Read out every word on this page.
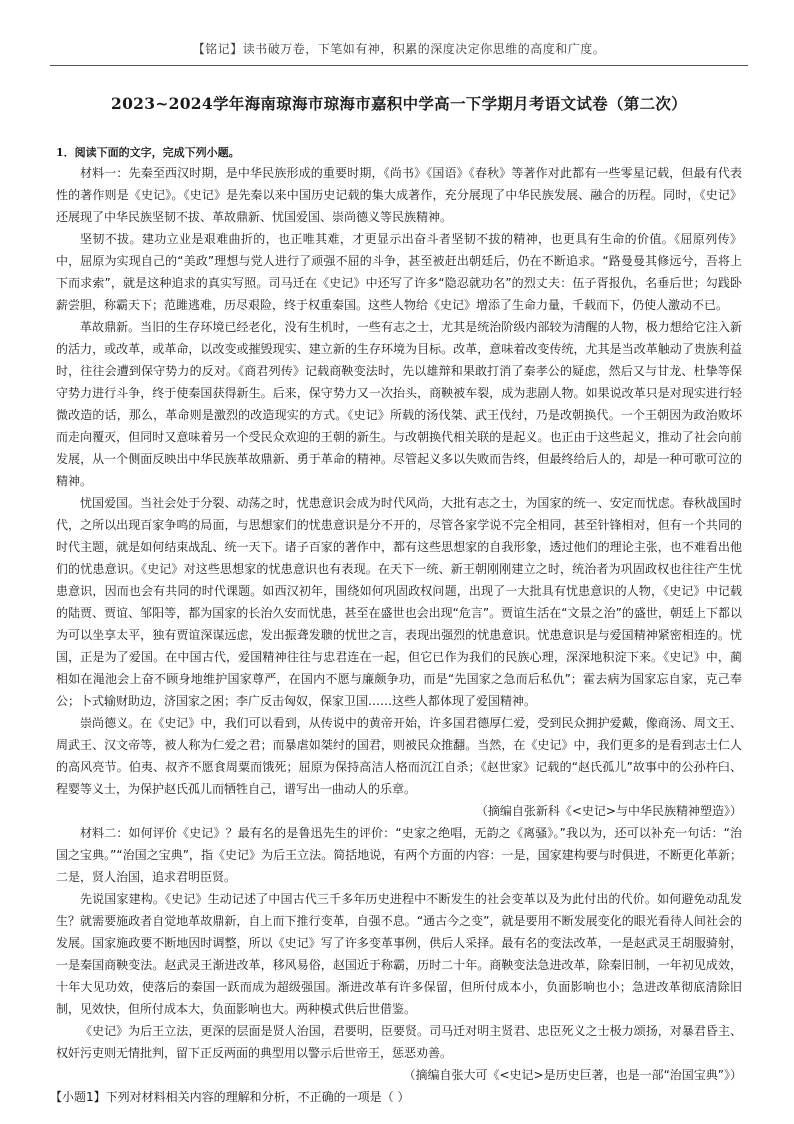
【铭记】读书破万卷，下笔如有神，积累的深度决定你思维的高度和广度。
2023~2024学年海南琼海市琼海市嘉积中学高一下学期月考语文试卷（第二次）
1．阅读下面的文字，完成下列小题。

材料一：先秦至西汉时期，是中华民族形成的重要时期，《尚书》《国语》《春秋》等著作对此都有一些零星记载，但最有代表性的著作则是《史记》。《史记》是先秦以来中国历史记载的集大成著作，充分展现了中华民族发展、融合的历程。同时，《史记》还展现了中华民族坚韧不拔、革故鼎新、忧国爱国、崇尚德义等民族精神。

坚韧不拔。建功立业是艰难曲折的，也正唯其难，才更显示出奋斗者坚韧不拔的精神，也更具有生命的价值。《屈原列传》中，屈原为实现自己的“美政”理想与党人进行了顽强不屈的斗争，甚至被赶出朝廷后，仍在不断追求。“路曼曼其修远兮，吾将上下而求索”，就是这种追求的真实写照。司马迁在《史记》中还写了许多“隐忍就功名”的烈丈夫：伍子胥报仇，名垂后世；勾践卧薪尝胆，称霸天下；范雎逃难，历尽艰险，终于权重秦国。这些人物给《史记》增添了生命力量，千载而下，仍使人激动不已。

革故鼎新。当旧的生存环境已经老化，没有生机时，一些有志之士，尤其是统治阶级内部较为清醒的人物，极力想给它注入新的活力，或改革，或革命，以改变或摧毁现实、建立新的生存环境为目标。改革，意味着改变传统，尤其是当改革触动了贵族利益时，往往会遭到保守势力的反对。《商君列传》记载商鞅变法时，先以雄辩和果敢打消了秦孝公的疑虑，然后又与甘龙、杜挚等保守势力进行斗争，终于使秦国获得新生。后来，保守势力又一次抬头，商鞅被车裂，成为悲剧人物。如果说改革只是对现实进行轻微改造的话，那么，革命则是激烈的改造现实的方式。《史记》所载的汤伐桀、武王伐纣，乃是改朝换代。一个王朝因为政治败坏而走向覆灭，但同时又意味着另一个受民众欢迎的王朝的新生。与改朝换代相关联的是起义。也正由于这些起义，推动了社会向前发展，从一个侧面反映出中华民族革故鼎新、勇于革命的精神。尽管起义多以失败而告终，但最终给后人的，却是一种可歌可泣的精神。

忧国爱国。当社会处于分裂、动荡之时，忧患意识会成为时代风尚，大批有志之士，为国家的统一、安定而忧虑。春秋战国时代，之所以出现百家争鸣的局面，与思想家们的忧患意识是分不开的，尽管各家学说不完全相同，甚至针锋相对，但有一个共同的时代主题，就是如何结束战乱、统一天下。诸子百家的著作中，都有这些思想家的自我形象，透过他们的理论主张，也不难看出他们的忧患意识。《史记》对这些思想家的忧患意识也有表现。在天下一统、新王朝刚刚建立之时，统治者为巩固政权也往往产生忧患意识，因而也会有共同的时代课题。如西汉初年，围绕如何巩固政权问题，出现了一大批具有忧患意识的人物，《史记》中记载的陆贾、贾谊、邹阳等，都为国家的长治久安而忧患，甚至在盛世也会出现“危言”。贾谊生活在“文景之治”的盛世，朝廷上下都以为可以坐享太平，独有贾谊深谋远虑，发出振聋发聩的忧世之言，表现出强烈的忧患意识。忧患意识是与爱国精神紧密相连的。忧国，正是为了爱国。在中国古代，爱国精神往往与忠君连在一起，但它已作为我们的民族心理，深深地积淀下来。《史记》中，蔺相如在渑池会上奋不顾身地维护国家尊严，在国内不愿与廉颇争功，而是“先国家之急而后私仇”；霍去病为国家忘自家，克己奉公；卜式输财助边，济国家之困；李广反击匈奴，保家卫国……这些人都体现了爱国精神。

崇尚德义。在《史记》中，我们可以看到，从传说中的黄帝开始，许多国君德厚仁爱，受到民众拥护爱戴，像商汤、周文王、周武王、汉文帝等，被人称为仁爱之君；而暴虐如桀纣的国君，则被民众推翻。当然，在《史记》中，我们更多的是看到志士仁人的高风亮节。伯夷、叔齐不愿食周粟而饿死；屈原为保持高洁人格而沉江自杀；《赵世家》记载的“赵氏孤儿”故事中的公孙杵臼、程婴等义士，为保护赵氏孤儿而牺牲自己，谱写出一曲动人的乐章。

（摘编自张新科《<史记>与中华民族精神塑造》）

材料二：如何评价《史记》？最有名的是鲁迅先生的评价：“史家之绝唱，无韵之《离骚》。”我以为，还可以补充一句话：“治国之宝典。”“治国之宝典”，指《史记》为后王立法。简括地说，有两个方面的内容：一是，国家建构要与时俱进，不断更化革新；二是，贤人治国，追求君明臣贤。

先说国家建构。《史记》生动记述了中国古代三千多年历史进程中不断发生的社会变革以及为此付出的代价。如何避免动乱发生？就需要施政者自觉地革故鼎新，自上而下推行变革，自强不息。“通古今之变”，就是要用不断发展变化的眼光看待人间社会的发展。国家施政要不断地因时调整，所以《史记》写了许多变革事例，供后人采择。最有名的变法改革，一是赵武灵王胡服骑射，一是秦国商鞅变法。赵武灵王渐进改革，移风易俗，赵国近于称霸，历时二十年。商鞅变法急进改革，除秦旧制，一年初见成效，十年大见功效，使落后的秦国一跃而成为超级强国。渐进改革有许多保留，但所付成本小，负面影响也小；急进改革彻底清除旧制，见效快，但所付成本大，负面影响也大。两种模式供后世借鉴。

《史记》为后王立法，更深的层面是贤人治国，君要明，臣要贤。司马迁对明主贤君、忠臣死义之士极力颂扬，对暴君昏主、权奸污吏则无情批判，留下正反两面的典型用以警示后世帝王，惩恶劝善。

（摘编自张大可《<史记>是历史巨著，也是一部“治国宝典”》）
【小题1】下列对材料相关内容的理解和分析，不正确的一项是（ ）
